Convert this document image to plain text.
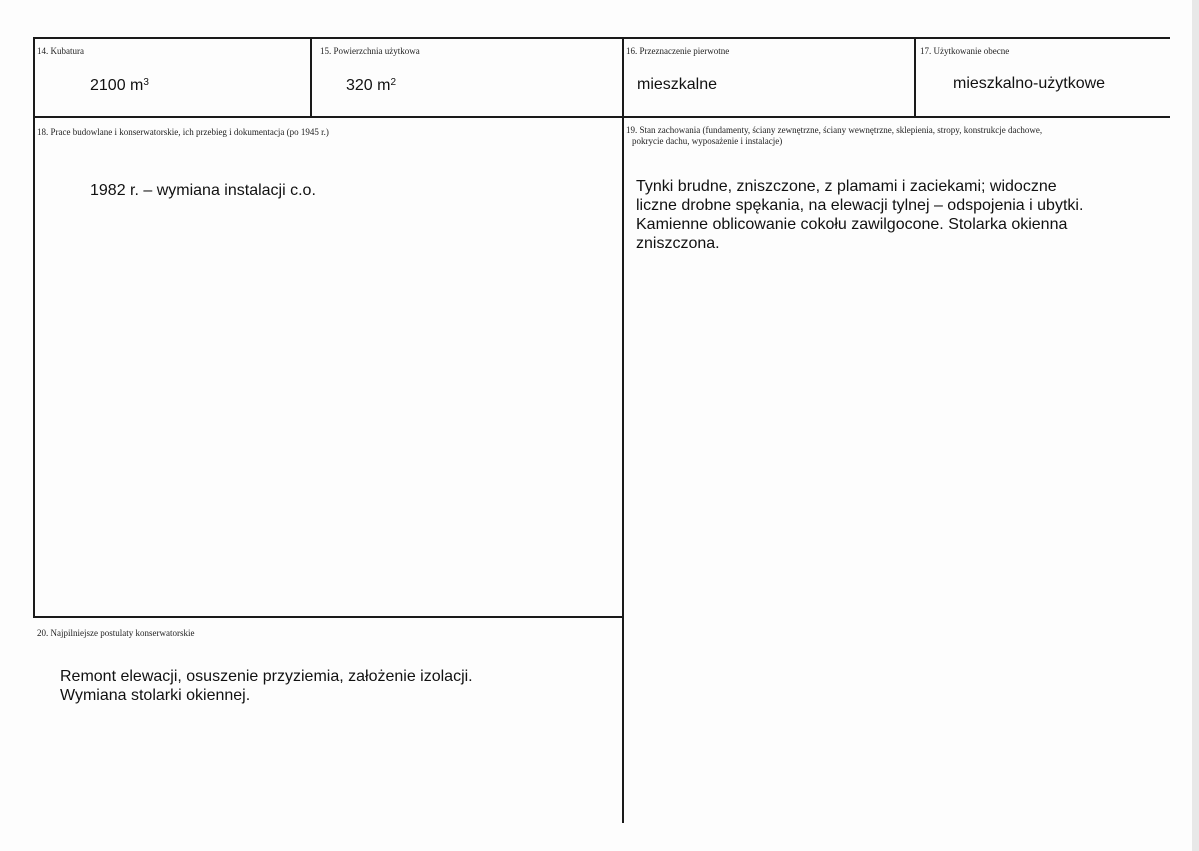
14. Kubatura
2100 $m^3$
15. Powierzchnia użytkowa
320 $m^2$
16. Przeznaczenie pierwotne
mieszkalne
17. Użytkowanie obecne
mieszkalno-użytkowe
18. Prace budowlane i konserwatorskie, ich przebieg i dokumentacja (po 1945 r.)
1982 r. – wymiana instalacji c.o.
19. Stan zachowania (fundamenty, ściany zewnętrzne, ściany wewnętrzne, sklepienia, stropy, konstrukcje dachowe,
pokrycie dachu, wyposażenie i instalacje)
Tynki brudne, zniszczone, z plamami i zaciekami; widoczne
liczne drobne spękania, na elewacji tylnej – odspojenia i ubytki.
Kamienne oblicowanie cokołu zawilgocone. Stolarka okienna
zniszczona.
20. Najpilniejsze postulaty konserwatorskie
Remont elewacji, osuszenie przyziemia, założenie izolacji.
Wymiana stolarki okiennej.
